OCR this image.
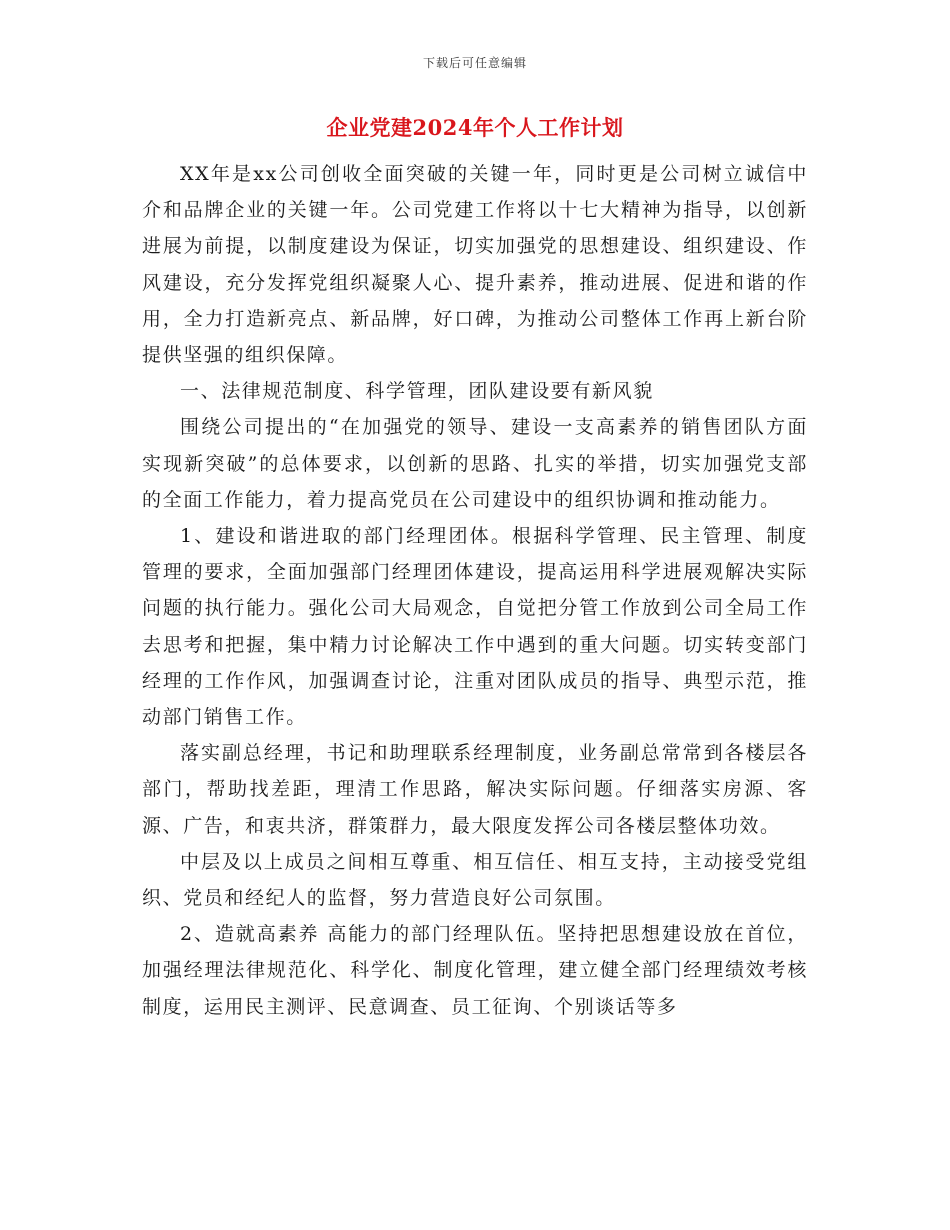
下载后可任意编辑
企业党建2024年个人工作计划

XX年是xx公司创收全面突破的关键一年，同时更是公司树立诚信中介和品牌企业的关键一年。公司党建工作将以十七大精神为指导，以创新进展为前提，以制度建设为保证，切实加强党的思想建设、组织建设、作风建设，充分发挥党组织凝聚人心、提升素养，推动进展、促进和谐的作用，全力打造新亮点、新品牌，好口碑，为推动公司整体工作再上新台阶提供坚强的组织保障。

一、法律规范制度、科学管理，团队建设要有新风貌

围绕公司提出的“在加强党的领导、建设一支高素养的销售团队方面实现新突破”的总体要求，以创新的思路、扎实的举措，切实加强党支部的全面工作能力，着力提高党员在公司建设中的组织协调和推动能力。

1、建设和谐进取的部门经理团体。根据科学管理、民主管理、制度管理的要求，全面加强部门经理团体建设，提高运用科学进展观解决实际问题的执行能力。强化公司大局观念，自觉把分管工作放到公司全局工作去思考和把握，集中精力讨论解决工作中遇到的重大问题。切实转变部门经理的工作作风，加强调查讨论，注重对团队成员的指导、典型示范，推动部门销售工作。

落实副总经理，书记和助理联系经理制度，业务副总常常到各楼层各部门，帮助找差距，理清工作思路，解决实际问题。仔细落实房源、客源、广告，和衷共济，群策群力，最大限度发挥公司各楼层整体功效。

中层及以上成员之间相互尊重、相互信任、相互支持，主动接受党组织、党员和经纪人的监督，努力营造良好公司氛围。

2、造就高素养 高能力的部门经理队伍。坚持把思想建设放在首位，加强经理法律规范化、科学化、制度化管理，建立健全部门经理绩效考核制度，运用民主测评、民意调查、员工征询、个别谈话等多
